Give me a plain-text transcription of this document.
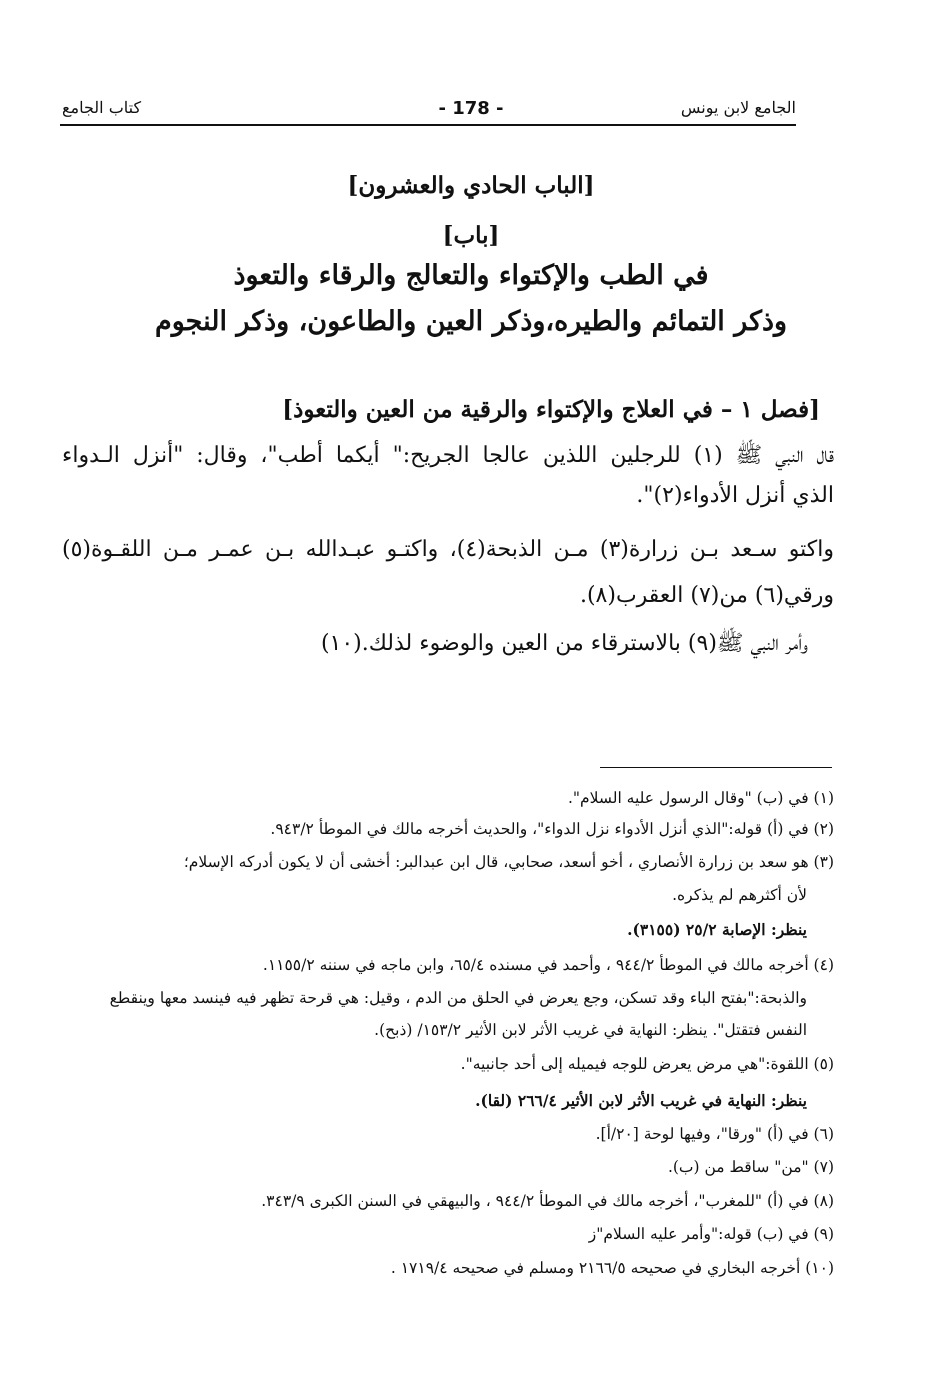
كتاب الجامع	- 178 -	الجامع لابن يونس
[الباب الحادي والعشرون]
[باب]
في الطب والإكتواء والتعالج والرقاء والتعوذ
وذكر التمائم والطيره،وذكر العين والطاعون، وذكر النجوم
[فصل ١ – في العلاج والإكتواء والرقية من العين والتعوذ]
قال النبي ﷺ (١) للرجلين اللذين عالجا الجريح:" أيكما أطب"، وقال: "أنزل الـدواء
الذي أنزل الأدواء(٢)".
واكتو سـعد بـن زرارة(٣) مـن الذبحة(٤)، واكتـو عبـدالله بـن عمـر مـن اللقـوة(٥)
ورقي(٦) من(٧) العقرب(٨).
وأمر النبي ﷺ(٩) بالاسترقاء من العين والوضوء لذلك.(١٠)
(١) في (ب) "وقال الرسول عليه السلام".
(٢) في (أ) قوله:"الذي أنزل الأدواء نزل الدواء"، والحديث أخرجه مالك في الموطأ ٩٤٣/٢.
(٣) هو سعد بن زرارة الأنصاري ، أخو أسعد، صحابي، قال ابن عبدالبر: أخشى أن لا يكون أدركه الإسلام؛
لأن أكثرهم لم يذكره.
ينظر: الإصابة ٢٥/٢ (٣١٥٥).
(٤) أخرجه مالك في الموطأ ٩٤٤/٢ ، وأحمد في مسنده ٦٥/٤، وابن ماجه في سننه ١١٥٥/٢.
والذبحة:"بفتح الباء وقد تسكن، وجع يعرض في الحلق من الدم ، وقيل: هي قرحة تظهر فيه فينسد معها وينقطع
النفس فتقتل". ينظر: النهاية في غريب الأثر لابن الأثير ١٥٣/٢/ (ذبح).
(٥) اللقوة:"هي مرض يعرض للوجه فيميله إلى أحد جانبيه".
ينظر: النهاية في غريب الأثر لابن الأثير ٢٦٦/٤ (لقا).
(٦) في (أ) "ورقا"، وفيها لوحة [٢٠/أ].
(٧) "من" ساقط من (ب).
(٨) في (أ) "للمغرب"، أخرجه مالك في الموطأ ٩٤٤/٢ ، والبيهقي في السنن الكبرى ٣٤٣/٩.
(٩) في (ب) قوله:"وأمر عليه السلام"ز
(١٠) أخرجه البخاري في صحيحه ٢١٦٦/٥ ومسلم في صحيحه ١٧١٩/٤ .
